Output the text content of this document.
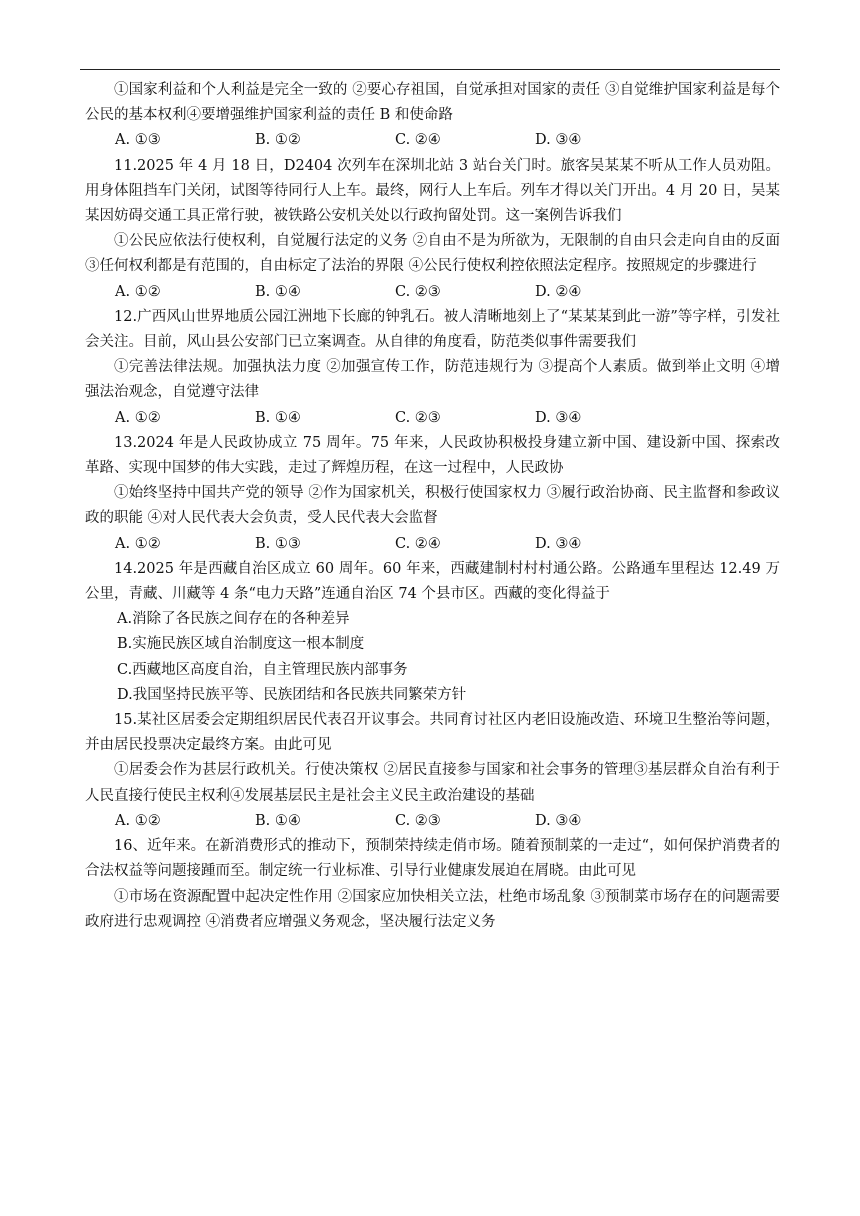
①国家利益和个人利益是完全一致的 ②要心存祖国，自觉承担对国家的责任 ③自觉维护国家利益是每个公民的基本权利④要增强维护国家利益的责任 B 和使命路

A. ①③	B. ①②	C. ②④	D. ③④

11.2025 年 4 月 18 日，D2404 次列车在深圳北站 3 站台关门时。旅客吴某某不听从工作人员劝阻。用身体阻挡车门关闭，试图等待同行人上车。最终，网行人上车后。列车才得以关门开出。4 月 20 日，吴某某因妨碍交通工具正常行驶，被铁路公安机关处以行政拘留处罚。这一案例告诉我们

①公民应依法行使权利，自觉履行法定的义务 ②自由不是为所欲为，无限制的自由只会走向自由的反面 ③任何权利都是有范围的，自由标定了法治的界限 ④公民行使权利控依照法定程序。按照规定的步骤进行

A. ①②	B. ①④	C. ②③	D. ②④

12.广西风山世界地质公园江洲地下长廊的钟乳石。被人清晰地刻上了“某某某到此一游”等字样，引发社会关注。目前，风山县公安部门已立案调查。从自律的角度看，防范类似事件需要我们

①完善法律法规。加强执法力度 ②加强宣传工作，防范违规行为 ③提高个人素质。做到举止文明 ④增强法治观念，自觉遵守法律

A. ①②	B. ①④	C. ②③	D. ③④

13.2024 年是人民政协成立 75 周年。75 年来，人民政协积极投身建立新中国、建设新中国、探索改革路、实现中国梦的伟大实践，走过了辉煌历程，在这一过程中，人民政协

①始终坚持中国共产党的领导 ②作为国家机关，积极行使国家权力 ③履行政治协商、民主监督和参政议政的职能 ④对人民代表大会负责，受人民代表大会监督

A. ①②	B. ①③	C. ②④	D. ③④

14.2025 年是西藏自治区成立 60 周年。60 年来，西藏建制村村村通公路。公路通车里程达 12.49 万公里，青藏、川藏等 4 条“电力天路”连通自治区 74 个县市区。西藏的变化得益于

A.消除了各民族之间存在的各种差异

B.实施民族区域自治制度这一根本制度

C.西藏地区高度自治，自主管理民族内部事务

D.我国坚持民族平等、民族团结和各民族共同繁荣方针

15.某社区居委会定期组织居民代表召开议事会。共同育讨社区内老旧设施改造、环境卫生整治等问题，并由居民投票决定最终方案。由此可见

①居委会作为甚层行政机关。行使决策权 ②居民直接参与国家和社会事务的管理③基层群众自治有利于人民直接行使民主权利④发展基层民主是社会主义民主政治建设的基础

A. ①②	B. ①④	C. ②③	D. ③④

16、近年来。在新消费形式的推动下，预制荣持续走俏市场。随着预制菜的一走过“，如何保护消费者的合法权益等问题接踵而至。制定统一行业标准、引导行业健康发展迫在屑晓。由此可见

①市场在资源配置中起决定性作用 ②国家应加快相关立法，杜绝市场乱象 ③预制菜市场存在的问题需要政府进行忠观调控 ④消费者应增强义务观念，坚决履行法定义务
